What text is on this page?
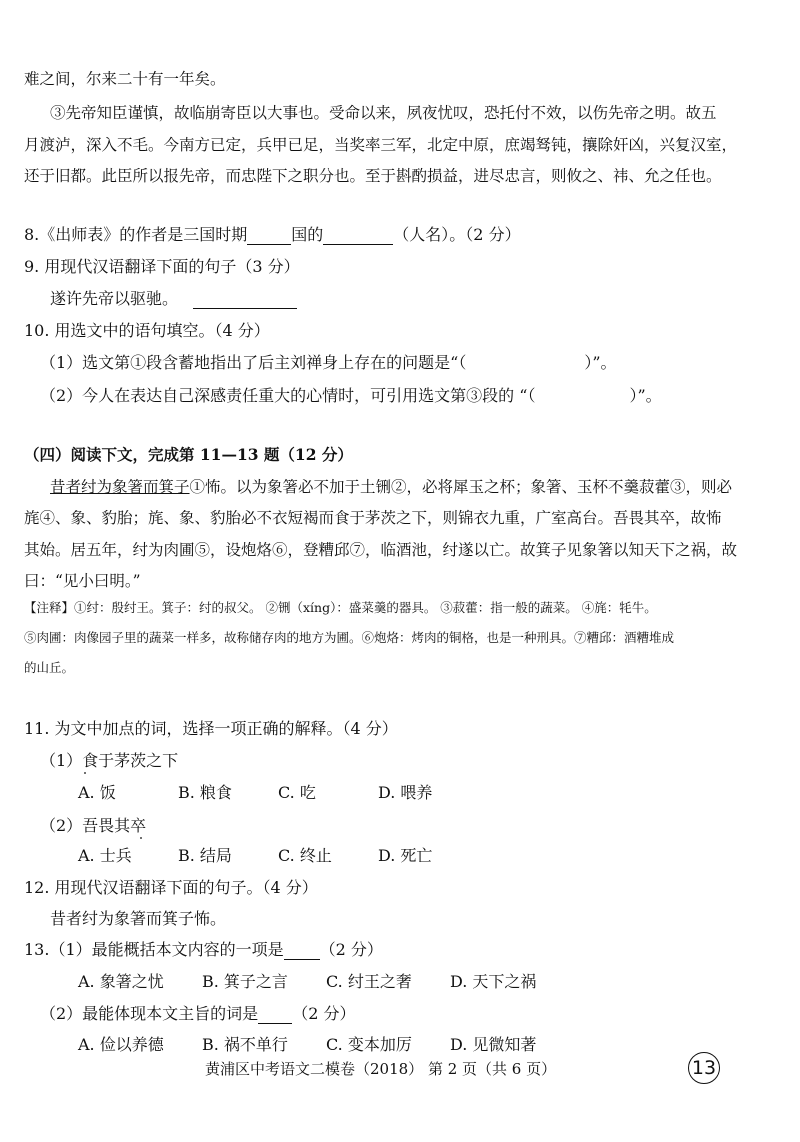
难之间，尔来二十有一年矣。
③先帝知臣谨慎，故临崩寄臣以大事也。受命以来，夙夜忧叹，恐托付不效，以伤先帝之明。故五
月渡泸，深入不毛。今南方已定，兵甲已足，当奖率三军，北定中原，庶竭驽钝，攘除奸凶，兴复汉室，
还于旧都。此臣所以报先帝，而忠陛下之职分也。至于斟酌损益，进尽忠言，则攸之、祎、允之任也。
8.《出师表》的作者是三国时期	国的	（人名）。（2 分）
9. 用现代汉语翻译下面的句子（3 分）
遂许先帝以驱驰。
10. 用选文中的语句填空。（4 分）
（1）选文第①段含蓄地指出了后主刘禅身上存在的问题是“（	）”。
（2）今人在表达自己深感责任重大的心情时，可引用选文第③段的 “（	）”。
（四）阅读下文，完成第 11—13 题（12 分）
昔者纣为象箸而箕子①怖。以为象箸必不加于土铏②，必将犀玉之杯；象箸、玉杯不羹菽藿③，则必
旄④、象、豹胎；旄、象、豹胎必不衣短褐而食于茅茨之下，则锦衣九重，广室高台。吾畏其卒，故怖
其始。居五年，纣为肉圃⑤，设炮烙⑥，登糟邱⑦，临酒池，纣遂以亡。故箕子见象箸以知天下之祸，故
曰：“见小曰明。”
【注释】①纣：殷纣王。箕子：纣的叔父。 ②铏（xíng）：盛菜羹的器具。 ③菽藿：指一般的蔬菜。 ④旄：牦牛。
⑤肉圃：肉像园子里的蔬菜一样多，故称储存肉的地方为圃。⑥炮烙：烤肉的铜格，也是一种刑具。⑦糟邱：酒糟堆成
的山丘。
11. 为文中加点的词，选择一项正确的解释。（4 分）
（1）食于茅茨之下
A. 饭	B. 粮食	C. 吃	D. 喂养
（2）吾畏其卒
A. 士兵	B. 结局	C. 终止	D. 死亡
12. 用现代汉语翻译下面的句子。（4 分）
昔者纣为象箸而箕子怖。
13.（1）最能概括本文内容的一项是 （2 分）
A. 象箸之忧 B. 箕子之言 C. 纣王之奢 D. 天下之祸
（2）最能体现本文主旨的词是 （2 分）
A. 俭以养德 B. 祸不单行 C. 变本加厉 D. 见微知著
黄浦区中考语文二模卷（2018） 第 2 页（共 6 页）	13
